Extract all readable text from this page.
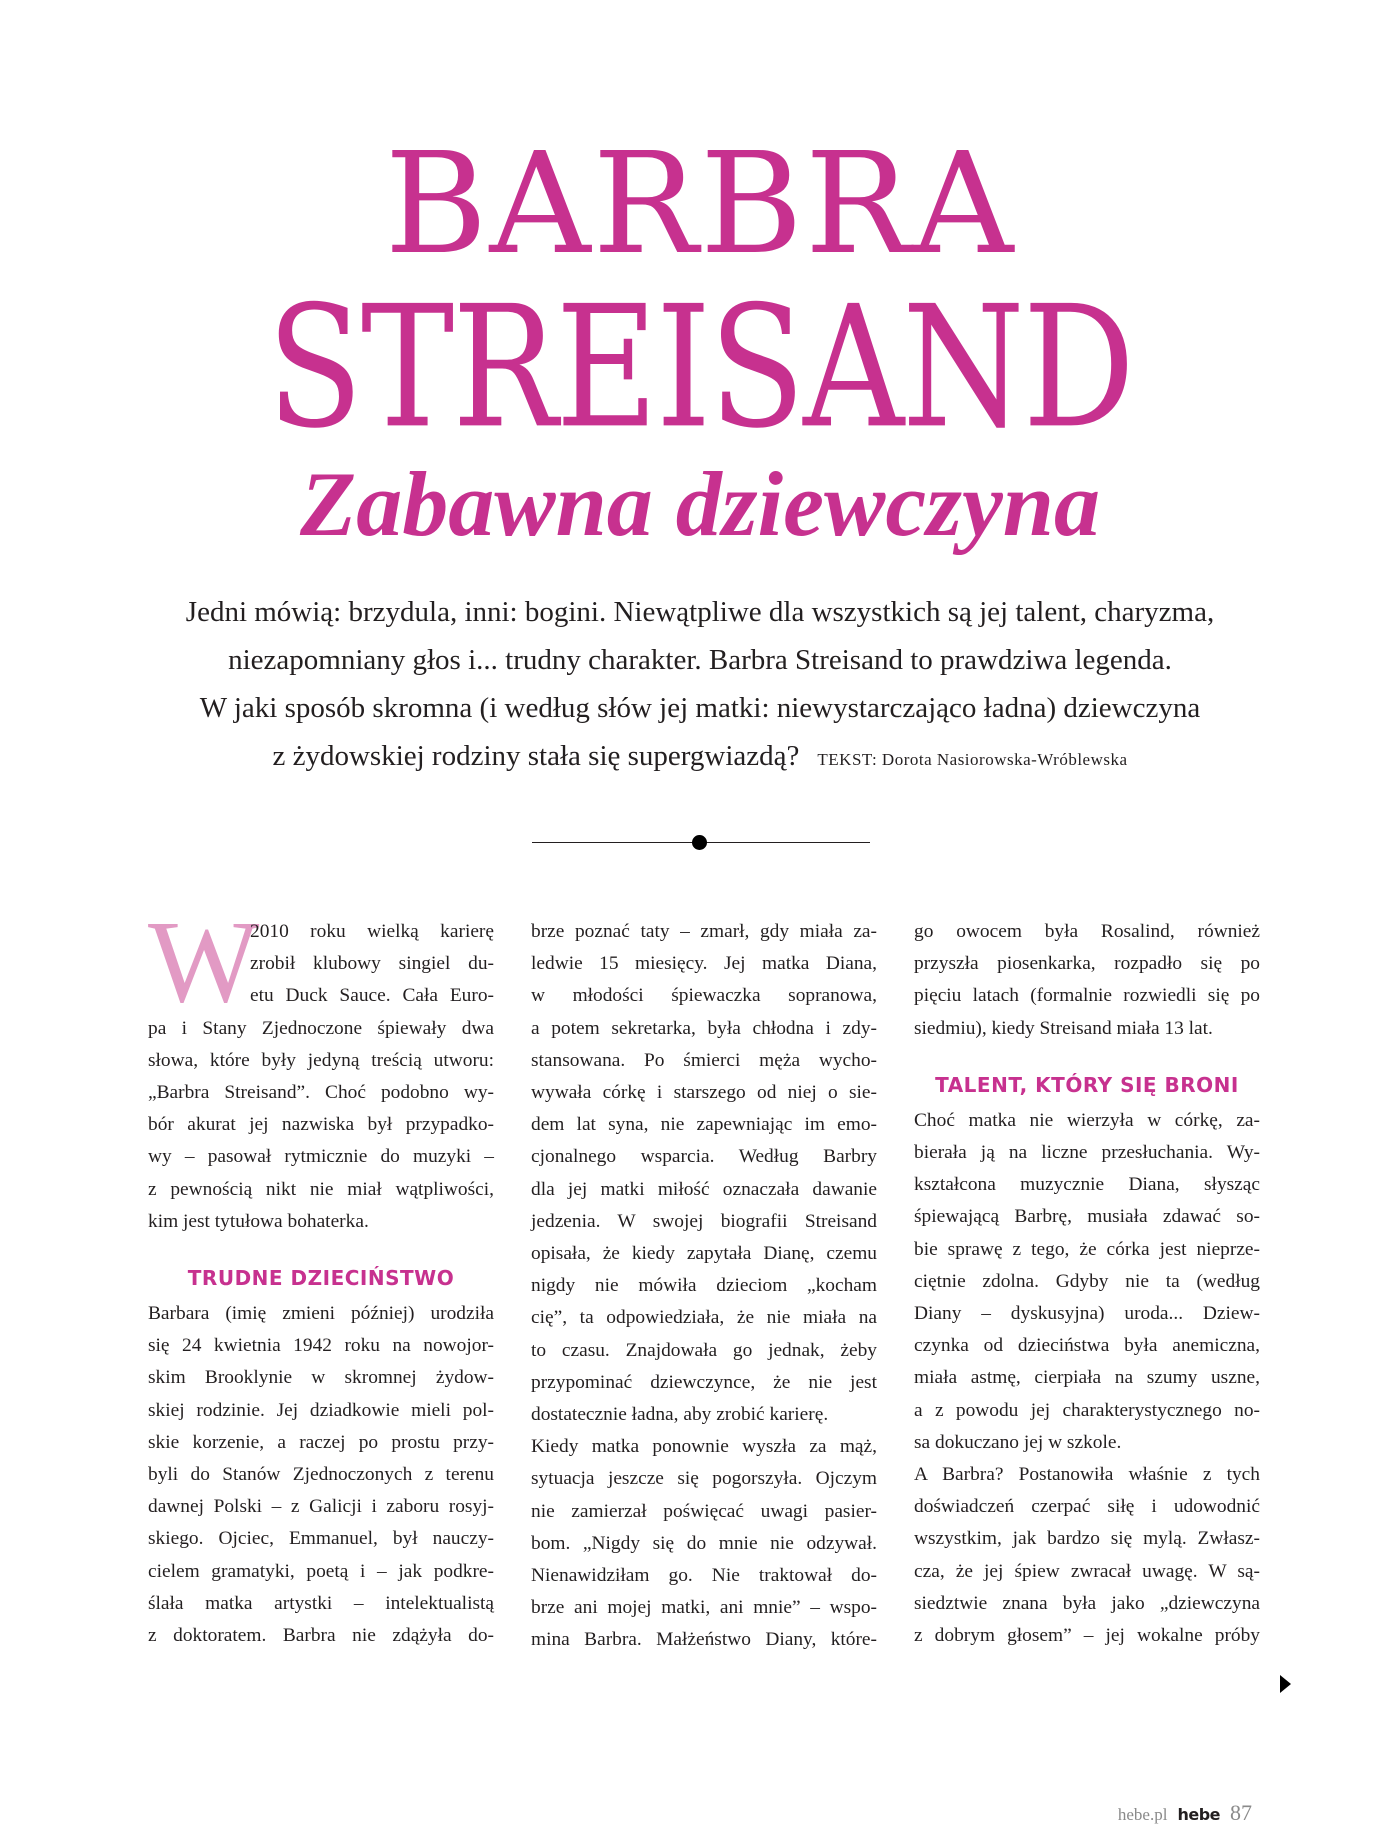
BARBRA
STREISAND
Zabawna dziewczyna

Jedni mówią: brzydula, inni: bogini. Niewątpliwe dla wszystkich są jej talent, charyzma,

niezapomniany głos i... trudny charakter. Barbra Streisand to prawdziwa legenda.

W jaki sposób skromna (i według słów jej matki: niewystarczająco ładna) dziewczyna

z żydowskiej rodziny stała się supergwiazdą? TEKST: Dorota Nasiorowska-Wróblewska

W
2010 roku wielką karierę
zrobił klubowy singiel du-
etu Duck Sauce. Cała Euro-
pa i Stany Zjednoczone śpiewały dwa
słowa, które były jedyną treścią utworu:
„Barbra Streisand”. Choć podobno wy-
bór akurat jej nazwiska był przypadko-
wy – pasował rytmicznie do muzyki –
z pewnością nikt nie miał wątpliwości,
kim jest tytułowa bohaterka.
TRUDNE DZIECIŃSTWO
Barbara (imię zmieni później) urodziła
się 24 kwietnia 1942 roku na nowojor-
skim Brooklynie w skromnej żydow-
skiej rodzinie. Jej dziadkowie mieli pol-
skie korzenie, a raczej po prostu przy-
byli do Stanów Zjednoczonych z terenu
dawnej Polski – z Galicji i zaboru rosyj-
skiego. Ojciec, Emmanuel, był nauczy-
cielem gramatyki, poetą i – jak podkre-
ślała matka artystki – intelektualistą
z doktoratem. Barbra nie zdążyła do-
brze poznać taty – zmarł, gdy miała za-
ledwie 15 miesięcy. Jej matka Diana,
w młodości śpiewaczka sopranowa,
a potem sekretarka, była chłodna i zdy-
stansowana. Po śmierci męża wycho-
wywała córkę i starszego od niej o sie-
dem lat syna, nie zapewniając im emo-
cjonalnego wsparcia. Według Barbry
dla jej matki miłość oznaczała dawanie
jedzenia. W swojej biografii Streisand
opisała, że kiedy zapytała Dianę, czemu
nigdy nie mówiła dzieciom „kocham
cię”, ta odpowiedziała, że nie miała na
to czasu. Znajdowała go jednak, żeby
przypominać dziewczynce, że nie jest
dostatecznie ładna, aby zrobić karierę.
Kiedy matka ponownie wyszła za mąż,
sytuacja jeszcze się pogorszyła. Ojczym
nie zamierzał poświęcać uwagi pasier-
bom. „Nigdy się do mnie nie odzywał.
Nienawidziłam go. Nie traktował do-
brze ani mojej matki, ani mnie” – wspo-
mina Barbra. Małżeństwo Diany, które-
go owocem była Rosalind, również
przyszła piosenkarka, rozpadło się po
pięciu latach (formalnie rozwiedli się po
siedmiu), kiedy Streisand miała 13 lat.
TALENT, KTÓRY SIĘ BRONI
Choć matka nie wierzyła w córkę, za-
bierała ją na liczne przesłuchania. Wy-
kształcona muzycznie Diana, słysząc
śpiewającą Barbrę, musiała zdawać so-
bie sprawę z tego, że córka jest nieprze-
ciętnie zdolna. Gdyby nie ta (według
Diany – dyskusyjna) uroda... Dziew-
czynka od dzieciństwa była anemiczna,
miała astmę, cierpiała na szumy uszne,
a z powodu jej charakterystycznego no-
sa dokuczano jej w szkole.
A Barbra? Postanowiła właśnie z tych
doświadczeń czerpać siłę i udowodnić
wszystkim, jak bardzo się mylą. Zwłasz-
cza, że jej śpiew zwracał uwagę. W są-
siedztwie znana była jako „dziewczyna
z dobrym głosem” – jej wokalne próby
hebe.pl hebe 87
